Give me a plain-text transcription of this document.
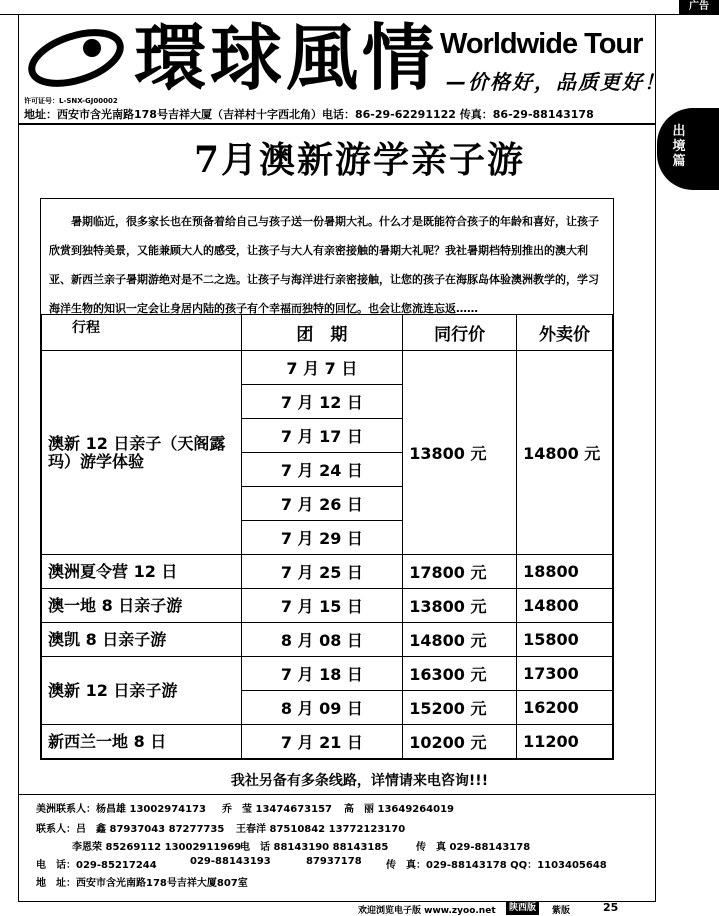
广告
出境篇
環球風情 Worldwide Tour
—价格好，品质更好！
许可证号：L-SNX-GJ00002
地址：西安市含光南路178号吉祥大厦（吉祥村十字西北角）电话：86-29-62291122 传真：86-29-88143178
7月澳新游学亲子游

暑期临近，很多家长也在预备着给自己与孩子送一份暑期大礼。什么才是既能符合孩子的年龄和喜好，让孩子欣赏到独特美景，又能兼顾大人的感受，让孩子与大人有亲密接触的暑期大礼呢？我社暑期档特别推出的澳大利亚、新西兰亲子暑期游绝对是不二之选。让孩子与海洋进行亲密接触，让您的孩子在海豚岛体验澳洲教学的，学习海洋生物的知识一定会让身居内陆的孩子有个幸福而独特的回忆。也会让您流连忘返……

行程	团　期	同行价	外卖价
澳新 12 日亲子（天阁露玛）游学体验	7 月 7 日	13800 元	14800 元
	7 月 12 日		
	7 月 17 日		
	7 月 24 日		
	7 月 26 日		
	7 月 29 日		
澳洲夏令营 12 日	7 月 25 日	17800 元	18800
澳一地 8 日亲子游	7 月 15 日	13800 元	14800
澳凯 8 日亲子游	8 月 08 日	14800 元	15800
澳新 12 日亲子游	7 月 18 日	16300 元	17300
	8 月 09 日	15200 元	16200
新西兰一地 8 日	7 月 21 日	10200 元	11200
我社另备有多条线路，详情请来电咨询!!!
美洲联系人：杨昌雄 13002974173 乔　莹 13474673157 高　丽 13649264019
联系人：吕　鑫 87937043 87277735 王春洋 87510842 13772123170
李恩荣 85269112 13002911969
电　话 88143190 88143185	传　真 029-88143178
电　话：029-85217244	029-88143193	87937178 传　真：029-88143178 QQ：1103405648
地　址：西安市含光南路178号吉祥大厦807室
欢迎浏览电子版 www.zyoo.net	陕西版	紫版	25
